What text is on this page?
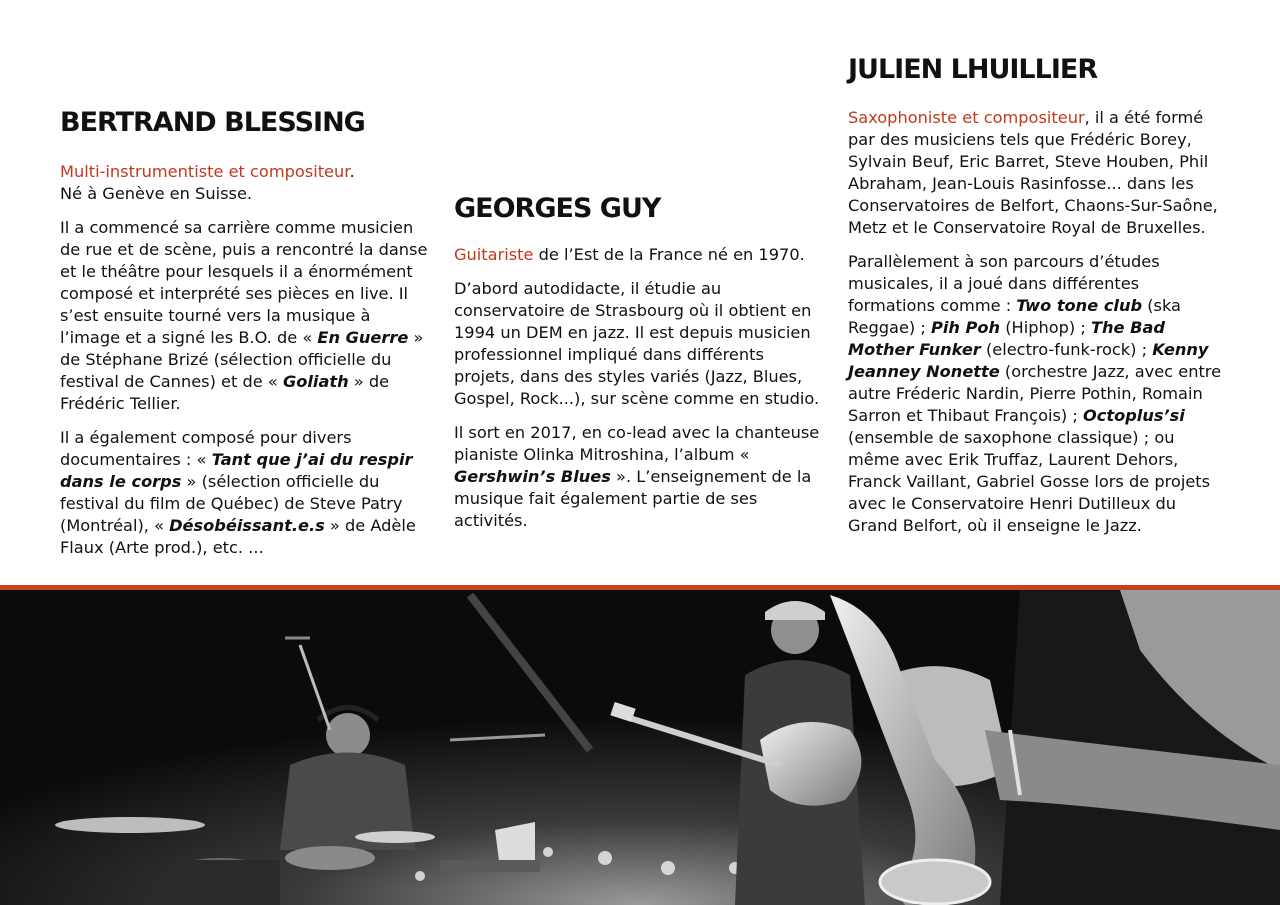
BERTRAND BLESSING

Multi-instrumentiste et compositeur.
Né à Genève en Suisse.

Il a commencé sa carrière comme musicien de rue et de scène, puis a rencontré la danse et le théâtre pour lesquels il a énormément composé et interprété ses pièces en live. Il s’est ensuite tourné vers la musique à l’image et a signé les B.O. de « En Guerre » de Stéphane Brizé (sélection officielle du festival de Cannes) et de « Goliath » de Frédéric Tellier.

Il a également composé pour divers documentaires : « Tant que j’ai du respir dans le corps » (sélection officielle du festival du film de Québec) de Steve Patry (Montréal), « Désobéissant.e.s » de Adèle Flaux (Arte prod.), etc. ...

GEORGES GUY

Guitariste de l’Est de la France né en 1970.

D’abord autodidacte, il étudie au conservatoire de Strasbourg où il obtient en 1994 un DEM en jazz. Il est depuis musicien professionnel impliqué dans différents projets, dans des styles variés (Jazz, Blues, Gospel, Rock...), sur scène comme en studio.

Il sort en 2017, en co-lead avec la chanteuse pianiste Olinka Mitroshina, l’album « Gershwin’s Blues ». L’enseignement de la musique fait également partie de ses activités.

JULIEN LHUILLIER

Saxophoniste et compositeur, il a été formé par des musiciens tels que Frédéric Borey, Sylvain Beuf, Eric Barret, Steve Houben, Phil Abraham, Jean-Louis Rasinfosse... dans les Conservatoires de Belfort, Chaons-Sur-Saône, Metz et le Conservatoire Royal de Bruxelles.

Parallèlement à son parcours d’études musicales, il a joué dans différentes formations comme : Two tone club (ska Reggae) ; Pih Poh (Hiphop) ; The Bad Mother Funker (electro-funk-rock) ; Kenny Jeanney Nonette (orchestre Jazz, avec entre autre Fréderic Nardin, Pierre Pothin, Romain Sarron et Thibaut François) ; Octoplus’si (ensemble de saxophone classique) ; ou même avec Erik Truffaz, Laurent Dehors, Franck Vaillant, Gabriel Gosse lors de projets avec le Conservatoire Henri Dutilleux du Grand Belfort, où il enseigne le Jazz.
